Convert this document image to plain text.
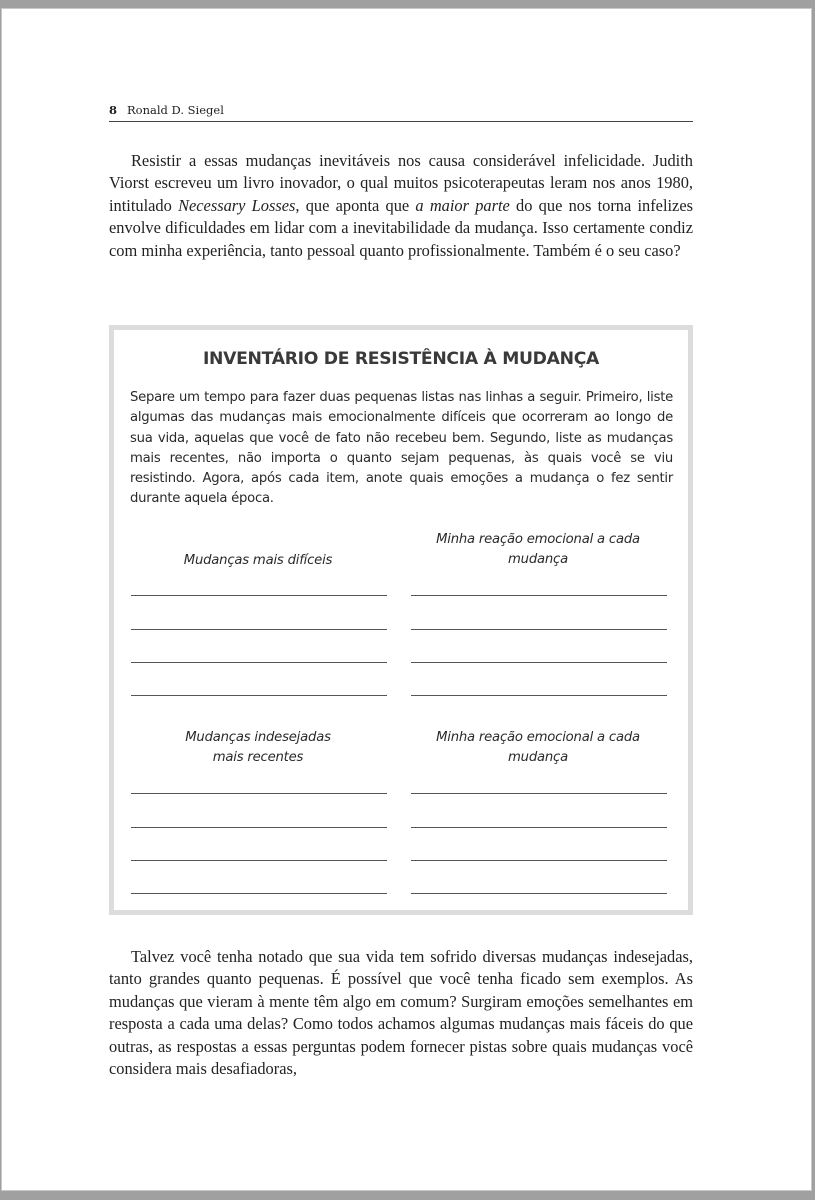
8 Ronald D. Siegel

Resistir a essas mudanças inevitáveis nos causa considerável infelicidade. Judith Viorst escreveu um livro inovador, o qual muitos psicoterapeutas leram nos anos 1980, intitulado Necessary Losses, que aponta que a maior parte do que nos torna infelizes envolve dificuldades em lidar com a inevitabilidade da mudança. Isso certamente condiz com minha experiência, tanto pessoal quanto profissionalmente. Também é o seu caso?

INVENTÁRIO DE RESISTÊNCIA À MUDANÇA

Separe um tempo para fazer duas pequenas listas nas linhas a seguir. Primeiro, liste algumas das mudanças mais emocionalmente difíceis que ocorreram ao longo de sua vida, aquelas que você de fato não recebeu bem. Segundo, liste as mudanças mais recentes, não importa o quanto sejam pequenas, às quais você se viu resistindo. Agora, após cada item, anote quais emoções a mudança o fez sentir durante aquela época.

Mudanças mais difíceis
Minha reação emocional a cada mudança
Mudanças indesejadas
mais recentes
Minha reação emocional a cada mudança

Talvez você tenha notado que sua vida tem sofrido diversas mudanças indesejadas, tanto grandes quanto pequenas. É possível que você tenha ficado sem exemplos. As mudanças que vieram à mente têm algo em comum? Surgiram emoções semelhantes em resposta a cada uma delas? Como todos achamos algumas mudanças mais fáceis do que outras, as respostas a essas perguntas podem fornecer pistas sobre quais mudanças você considera mais desafiadoras,
